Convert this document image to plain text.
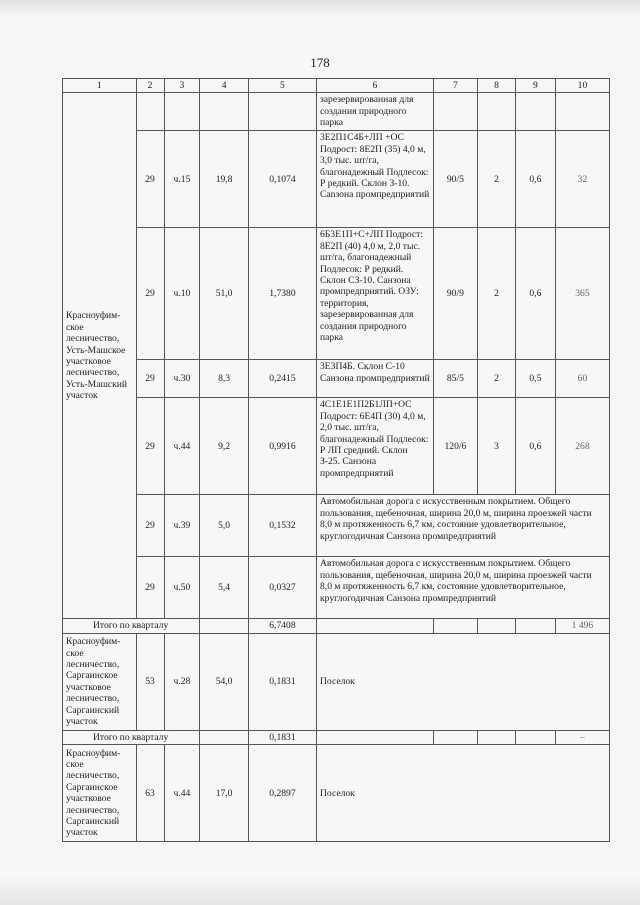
178
1	2	3	4	5	6	7	8	9	10

Красноуфим-ское лесничество, Усть-Машское участковое лесничество, Усть-Машский участок					зарезервированная для создания природного парка				
	29	ч.15	19,8	0,1074	3Е2П1С4Б+ЛП +ОС Подрост: 8Е2П (35) 4,0 м, 3,0 тыс. шт/га, благонадежный Подлесок: Р редкий. Склон З-10. Сanзона промпредприятий	90/5	2	0,6	32
	29	ч.10	51,0	1,7380	6Б3Е1П+С+ЛП Подрост: 8Е2П (40) 4,0 м, 2,0 тыс. шт/га, благонадежный Подлесок: Р редкий. Склон СЗ-10. Санзона промпредприятий. ОЗУ: территория, зарезервированная для создания природного парка	90/9	2	0,6	365
	29	ч.30	8,3	0,2415	3Е3П4Б. Склон С-10 Санзона промпредприятий	85/5	2	0,5	60
	29	ч.44	9,2	0,9916	4С1Е1Е1П2Б1ЛП+ОС Подрост: 6Е4П (30) 4,0 м, 2,0 тыс. шт/га, благонадежный Подлесок: Р ЛП средний. Склон З-25. Санзона промпредприятий	120/6	3	0,6	268
	29	ч.39	5,0	0,1532	Автомобильная дорога с искусственным покрытием. Общего пользования, щебеночная, ширина 20,0 м, ширина проезжей части 8,0 м протяженность 6,7 км, состояние удовлетворительное, круглогодичная Санзона промпредприятий				
	29	ч.50	5,4	0,0327	Автомобильная дорога с искусственным покрытием. Общего пользования, щебеночная, ширина 20,0 м, ширина проезжей части 8,0 м протяженность 6,7 км, состояние удовлетворительное, круглогодичная Санзона промпредприятий				
Итого по кварталу				6,7408					1 496
Красноуфим-ское лесничество, Саргаинское участковое лесничество, Саргаинский участок	53	ч.28	54,0	0,1831	Поселок				
Итого по кварталу				0,1831					–
Красноуфим-ское лесничество, Саргаинское участковое лесничество, Саргаинский участок	63	ч.44	17,0	0,2897	Поселок				
